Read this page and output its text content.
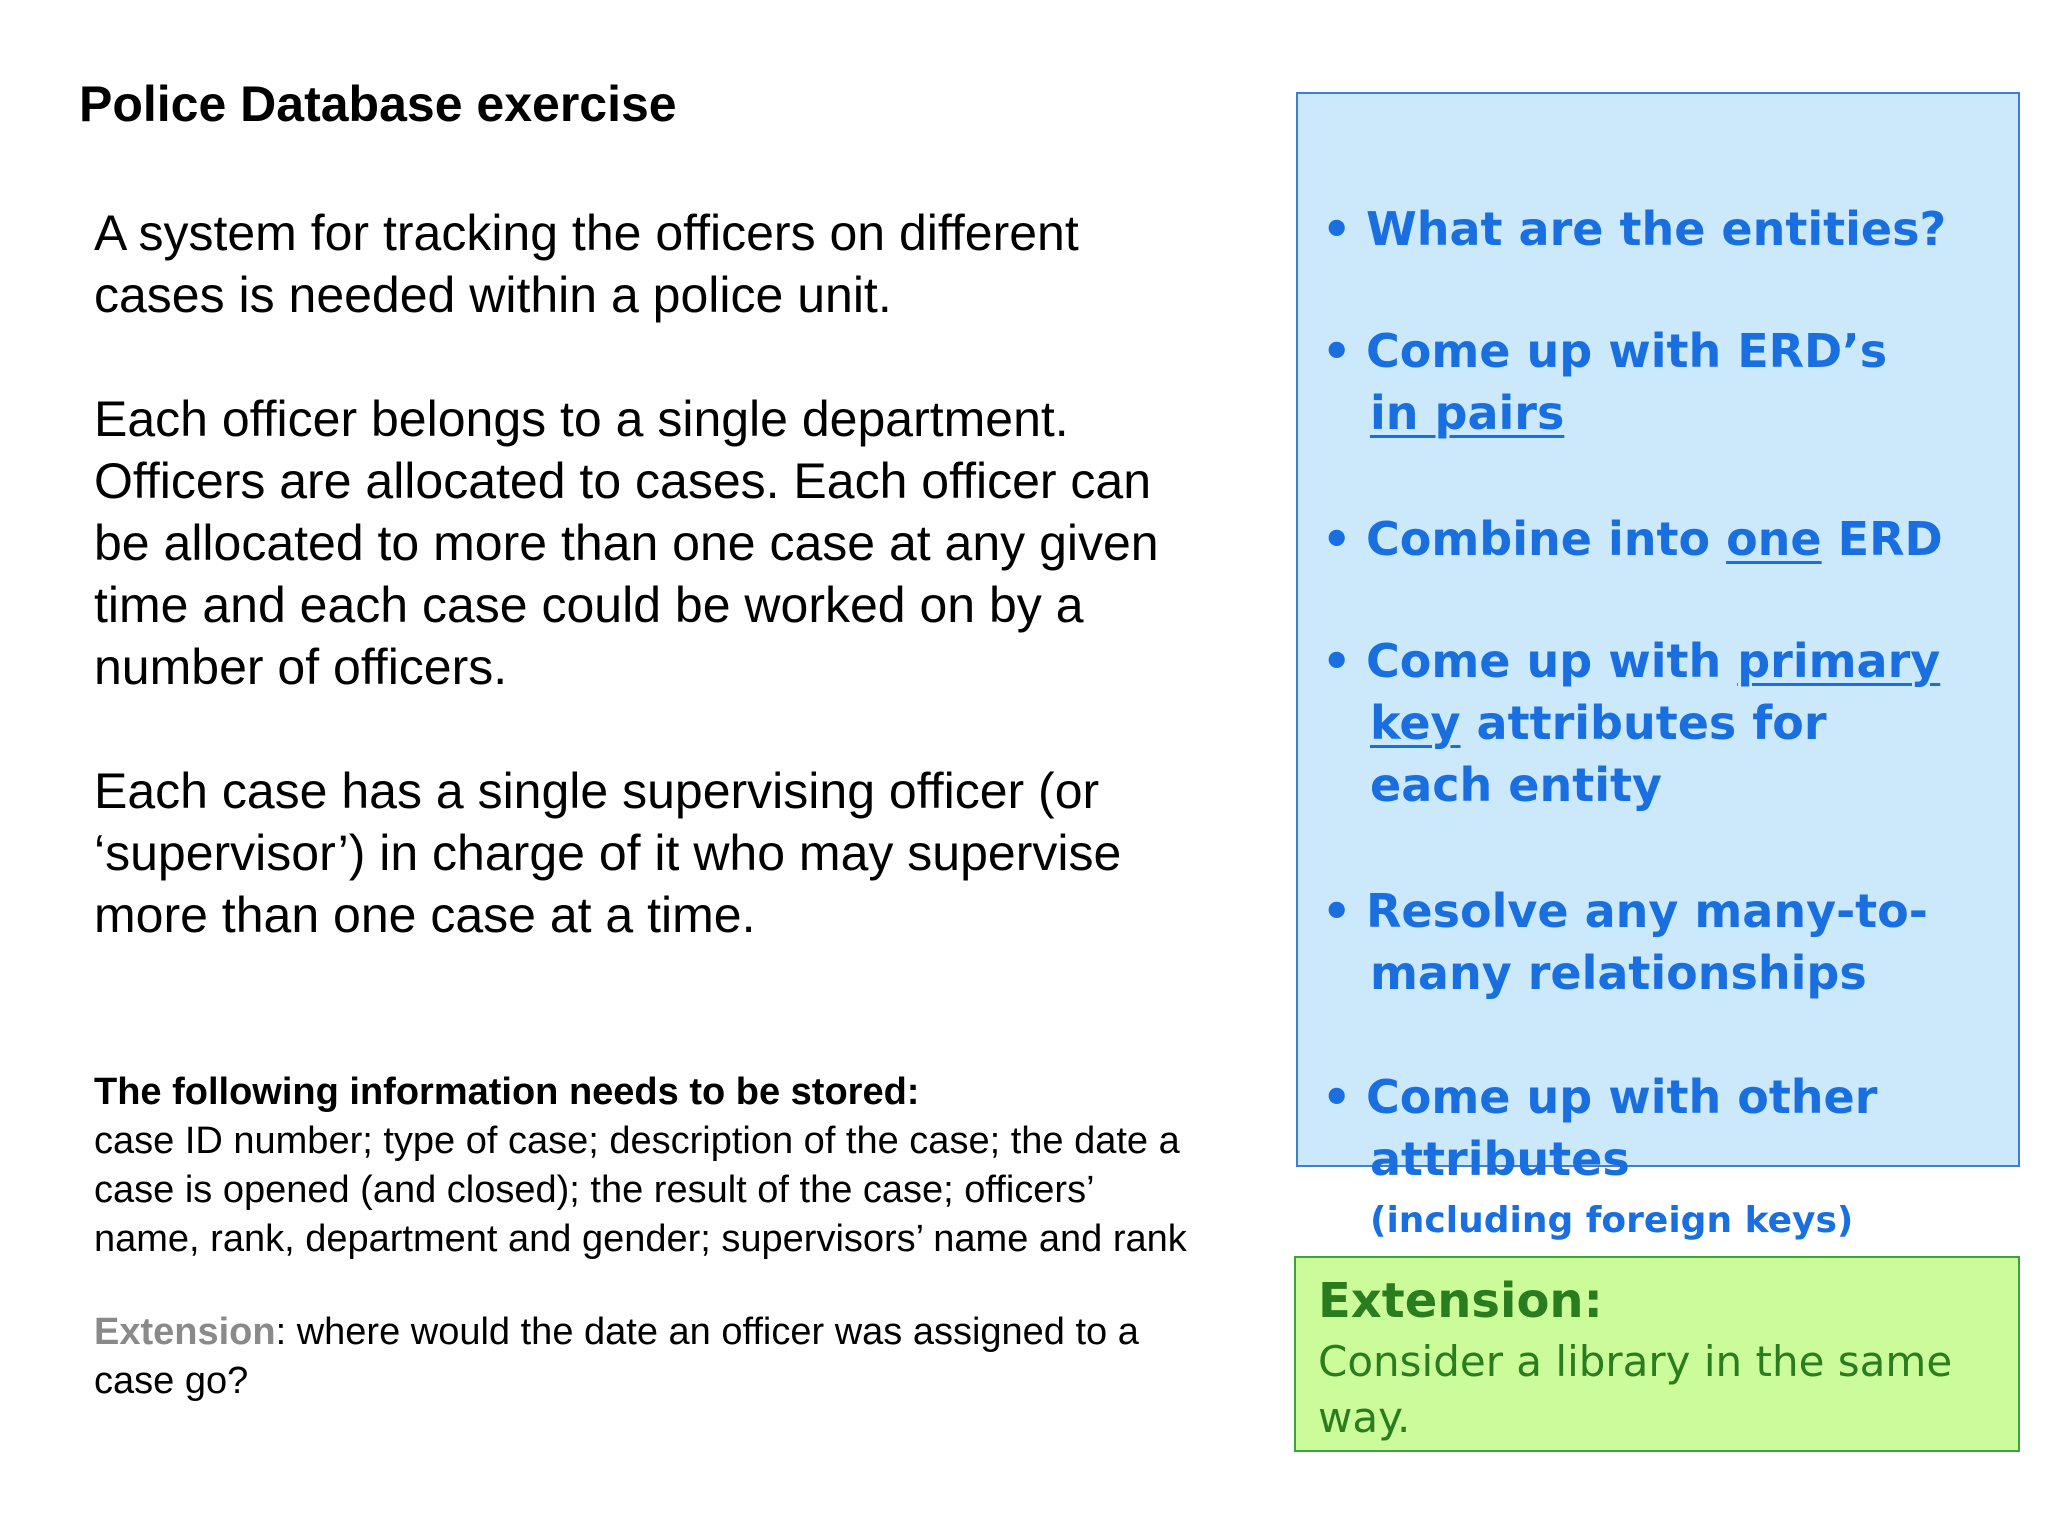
Police Database exercise
A system for tracking the officers on different
cases is needed within a police unit.
Each officer belongs to a single department.
Officers are allocated to cases. Each officer can
be allocated to more than one case at any given
time and each case could be worked on by a
number of officers.
Each case has a single supervising officer (or
‘supervisor’) in charge of it who may supervise
more than one case at a time.
The following information needs to be stored:
case ID number; type of case; description of the case; the date a
case is opened (and closed); the result of the case; officers’
name, rank, department and gender; supervisors’ name and rank
Extension: where would the date an officer was assigned to a
case go?
• What are the entities?
• Come up with ERD’s
in pairs
• Combine into one ERD
• Come up with primary
key attributes for
each entity
• Resolve any many-to-
many relationships
• Come up with other
attributes
(including foreign keys)
Extension:
Consider a library in the same
way.
